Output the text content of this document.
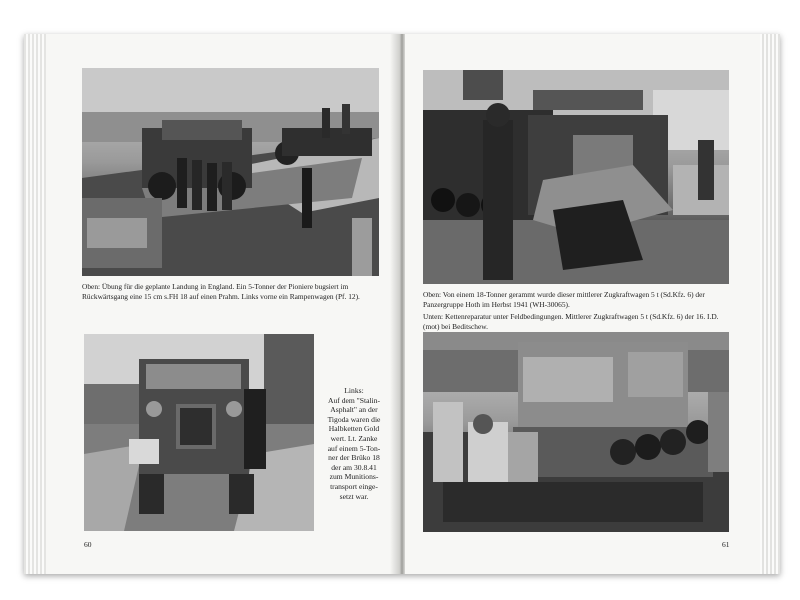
Oben: Übung für die geplante Landung in England. Ein 5-Tonner der Pioniere bugsiert im Rückwärtsgang eine 15 cm s.FH 18 auf einen Prahm. Links vorne ein Rampenwagen (Pf. 12).

Links:
Auf dem "Stalin-
Asphalt" an der
Tigoda waren die
Halbketten Gold
wert. Lt. Zanke
auf einem 5-Ton-
ner der Brüko 18
der am 30.8.41
zum Munitions-
transport einge-
setzt war.
60

Oben: Von einem 18-Tonner gerammt wurde dieser mittlerer Zugkraftwagen 5 t (Sd.Kfz. 6) der Panzergruppe Hoth im Herbst 1941 (WH-30065).

Unten: Kettenreparatur unter Feldbedingungen. Mittlerer Zugkraftwagen 5 t (Sd.Kfz. 6) der 16. I.D. (mot) bei Beditschew.

61
